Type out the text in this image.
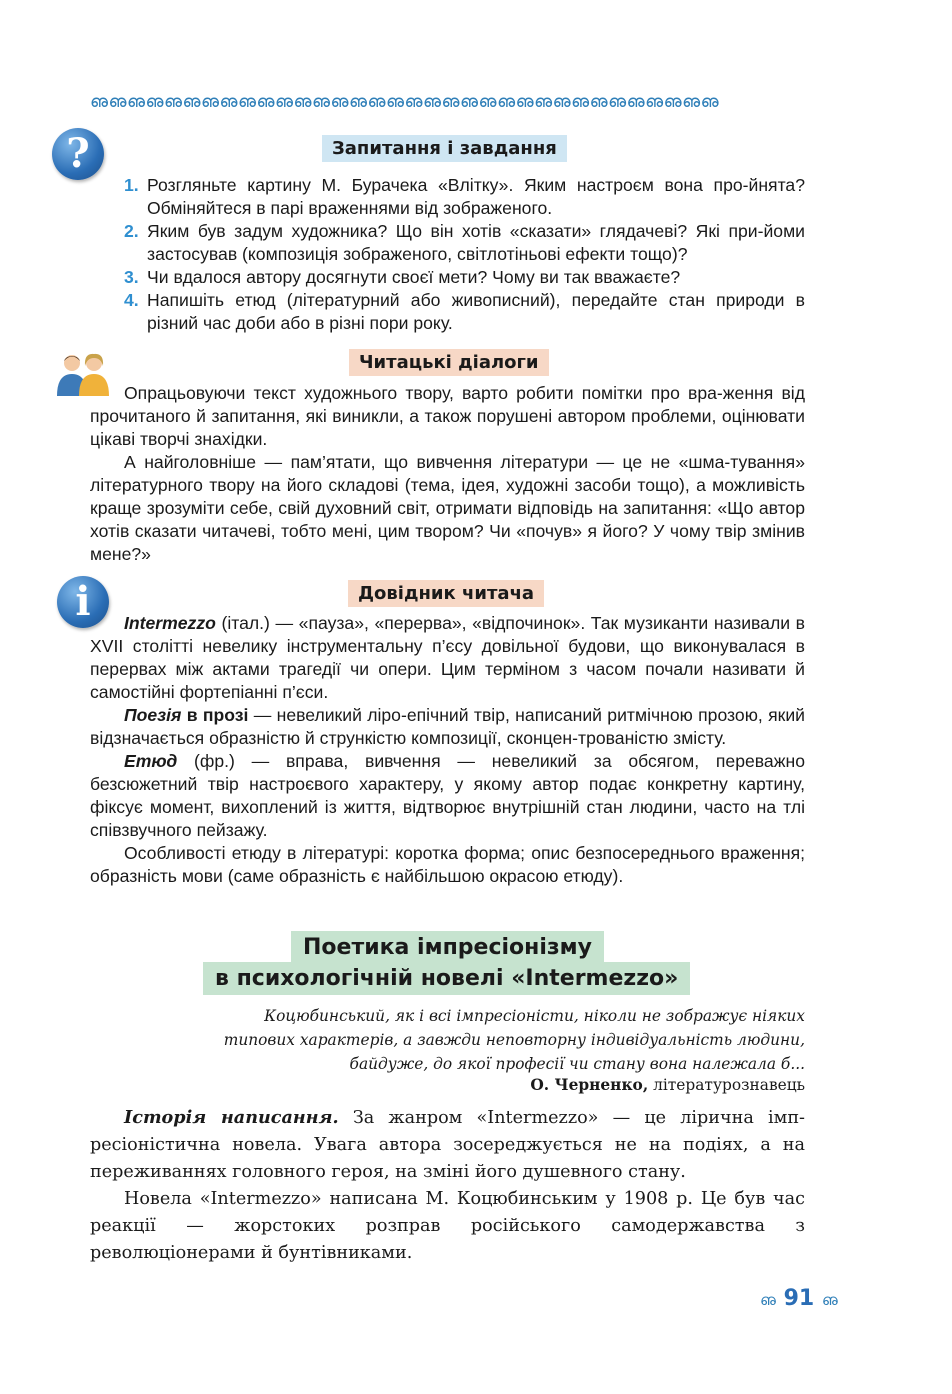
ഌഌഌഌഌഌഌഌഌഌഌഌഌഌഌഌഌഌഌഌഌഌഌഌഌഌഌഌഌഌഌഌഌഌ
?	Запитання і завдання
1. Розгляньте картину М. Бурачека «Влітку». Яким настроєм вона про-йнята? Обміняйтеся в парі враженнями від зображеного.
2. Яким був задум художника? Що він хотів «сказати» глядачеві? Які при-йоми застосував (композиція зображеного, світлотіньові ефекти тощо)?
3. Чи вдалося автору досягнути своєї мети? Чому ви так вважаєте?
4. Напишіть етюд (літературний або живописний), передайте стан природи в різний час доби або в різні пори року.
Читацькі діалоги

Опрацьовуючи текст художнього твору, варто робити помітки про вра-ження від прочитаного й запитання, які виникли, а також порушені автором проблеми, оцінювати цікаві творчі знахідки.

А найголовніше — пам’ятати, що вивчення літератури — це не «шма-тування» літературного твору на його складові (тема, ідея, художні засоби тощо), а можливість краще зрозуміти себе, свій духовний світ, отримати відповідь на запитання: «Що автор хотів сказати читачеві, тобто мені, цим твором? Чи «почув» я його? У чому твір змінив мене?»

i	Довідник читача

Intermezzo (італ.) — «пауза», «перерва», «відпочинок». Так музиканти називали в XVII столітті невелику інструментальну п’єсу довільної будови, що виконувалася в перервах між актами трагедії чи опери. Цим терміном з часом почали називати й самостійні фортепіанні п’єси.

Поезія в прозі — невеликий ліро-епічний твір, написаний ритмічною прозою, який відзначається образністю й стрункістю композиції, сконцен-трованістю змісту.

Етюд (фр.) — вправа, вивчення — невеликий за обсягом, переважно безсюжетний твір настроєвого характеру, у якому автор подає конкретну картину, фіксує момент, вихоплений із життя, відтворює внутрішній стан людини, часто на тлі співзвучного пейзажу.

Особливості етюду в літературі: коротка форма; опис безпосереднього враження; образність мови (саме образність є найбільшою окрасою етюду).

Поетика імпресіонізму
в психологічній новелі «Intermezzo»
Коцюбинський, як і всі імпресіоністи, ніколи не зображує ніяких
типових характерів, а завжди неповторну індивідуальність людини,
байдуже, до якої професії чи стану вона належала б...
О. Черненко, літературознавець

Історія написання. За жанром «Intermezzo» — це лірична імп-ресіоністична новела. Увага автора зосереджується не на подіях, а на переживаннях головного героя, на зміні його душевного стану.

Новела «Intermezzo» написана М. Коцюбинським у 1908 р. Це був час реакції — жорстоких розправ російського самодержавства з революціонерами й бунтівниками.

ഌ 91 ഌ
